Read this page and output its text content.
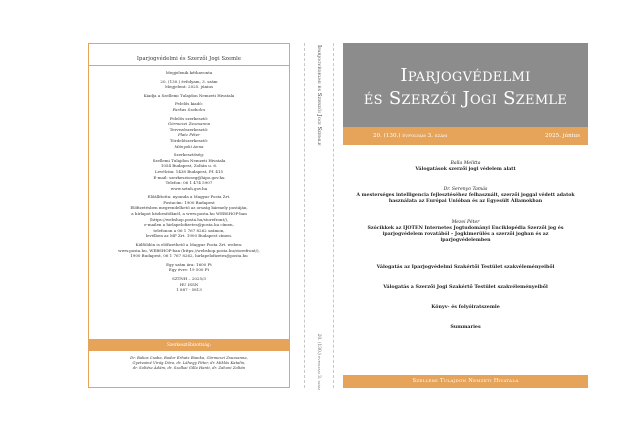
Iparjogvédelmi és Szerzői Jogi Szemle
Megjelenik kéthavonta
20. (130.) évfolyam, 3. szám
Megjelent: 2025. június
Kiadja a Szellemi Tulajdon Nemzeti Hivatala
Felelős kiadó:
Farkas Szabolcs
Felelős szerkesztő:
Görmezei Zsuzsanna
Tervezőszerkesztő:
Platz Péter
Tördelőszerkesztő:
Mányoki Anna
Szerkesztőség:
Szellemi Tulajdon Nemzeti Hivatala
1054 Budapest, Zoltán u. 6.
Levélcím: 1438 Budapest, Pf. 415
E-mail: szerkesztoseg@hipo.gov.hu
Telefon: 06 1 474 5907
www.sztnh.gov.hu
Előállította: nyomda a Magyar Posta Zrt.
Postacím: 1900 Budapest
Előfizetésben megrendelhető az ország bármely postáján,
a hírlapot kézbesítőknél, a www.posta.hu WEBSHOP-ban
(https://webshop.posta.hu/storefront/),
e-mailen a hirlapelofizetes@posta.hu címen,
telefonon a 06 1 767 8262 számon,
levélben az MP Zrt. 1900 Budapest címen.
Külföldön is előfizethető a Magyar Posta Zrt. weben:
www.posta.hu, WEBSHOP-ban (https://webshop.posta.hu/storefront/),
1900 Budapest, 06 1 767 8262, hirlapelofizetes@posta.hu
Egy szám ára: 1600 Ft
Egy évre: 19 500 Ft
SZTNH – 2025/3
HU ISSN
1 887 - 5813
Szerkesztőbizottság:
Dr. Bakos Csaba, Bodor Erhatz Bianka, Görmezei Zsuzsanna,
Gyetvainé Virág Dóra, dr. Láhegy Péter, dr. Miklós Katalin,
dr. Soltész Ádám, dr. Szalkai Gilla Hanti, dr. Zahoni Zoltán
Iparjogvédelmi és Szerzői Jogi Szemle
20. (130.) évfolyam 3. szám
Iparjogvédelmi
és Szerzői Jogi Szemle
20. (130.) évfolyam 3. szám	2025. június
Balla Melitta
Válogatások szerzői jogi védelem alatt
Dr. Serenyo Tamás
A mesterséges intelligencia fejlesztéséhez felhasznált, szerzői joggal védett adatok
használata az Európai Unióban és az Egyesült Államokban
Mezei Péter
Szócikkek az IJOTEN Internetes Jogtudományi Enciklopédia Szerzői jog és
iparjogvédelem rovatából – Jogkimerülés a szerzői jogban és az
iparjogvédelemben
Válogatás az Iparjogvédelmi Szakértői Testület szakvéleményeiből
Válogatás a Szerzői Jogi Szakértő Testület szakvéleményeiből
Könyv- és folyóiratszemle
Summaries
Szellemi Tulajdon Nemzeti Hivatala
